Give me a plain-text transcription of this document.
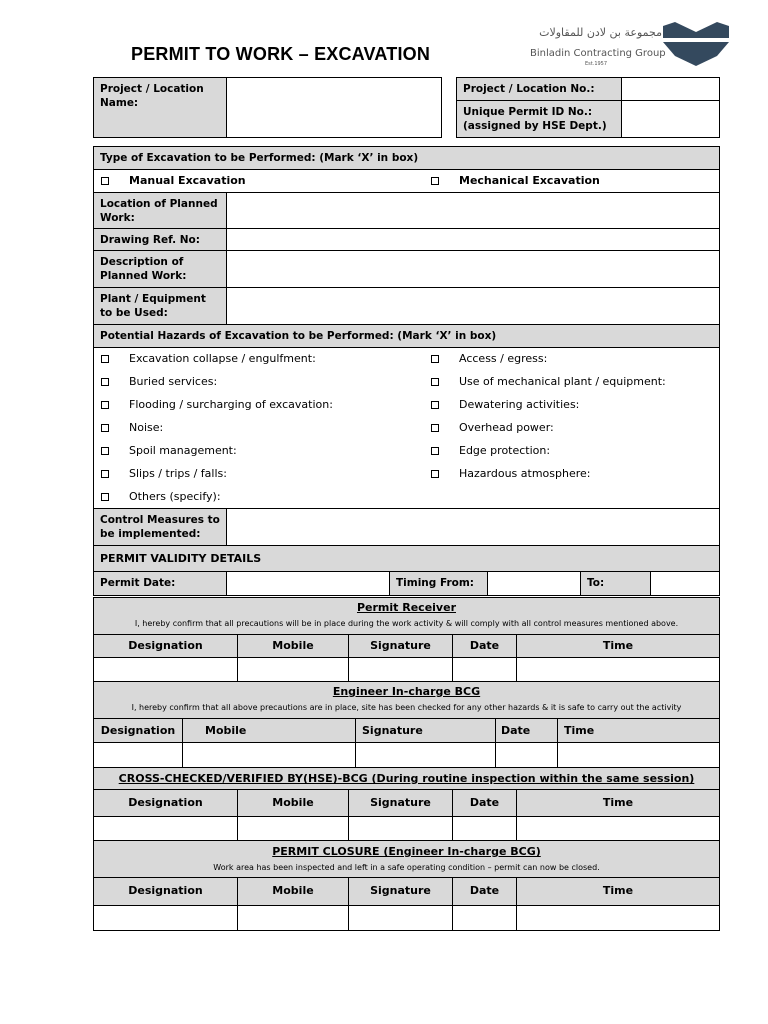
PERMIT TO WORK – EXCAVATION
مجموعة بن لادن للمقاولات
Binladin Contracting Group
Est.1957
Project / Location Name:
Project / Location No.:
Unique Permit ID No.: (assigned by HSE Dept.)
Type of Excavation to be Performed: (Mark ‘X’ in box)
Manual Excavation	Mechanical Excavation
Location of Planned Work:
Drawing Ref. No:
Description of Planned Work:
Plant / Equipment to be Used:
Potential Hazards of Excavation to be Performed: (Mark ‘X’ in box)
Excavation collapse / engulfment:
Buried services:
Flooding / surcharging of excavation:
Noise:
Spoil management:
Slips / trips / falls:
Others (specify):
Access / egress:
Use of mechanical plant / equipment:
Dewatering activities:
Overhead power:
Edge protection:
Hazardous atmosphere:
Control Measures to be implemented:
PERMIT VALIDITY DETAILS
Permit Date:	Timing From:	To:
Permit Receiver
I, hereby confirm that all precautions will be in place during the work activity & will comply with all control measures mentioned above.
Designation	Mobile	Signature	Date	Time
Engineer In-charge BCG
I, hereby confirm that all above precautions are in place, site has been checked for any other hazards & it is safe to carry out the activity
Designation	Mobile	Signature	Date	Time
CROSS-CHECKED/VERIFIED BY(HSE)-BCG (During routine inspection within the same session)
Designation	Mobile	Signature	Date	Time
PERMIT CLOSURE (Engineer In-charge BCG)
Work area has been inspected and left in a safe operating condition – permit can now be closed.
Designation	Mobile	Signature	Date	Time
